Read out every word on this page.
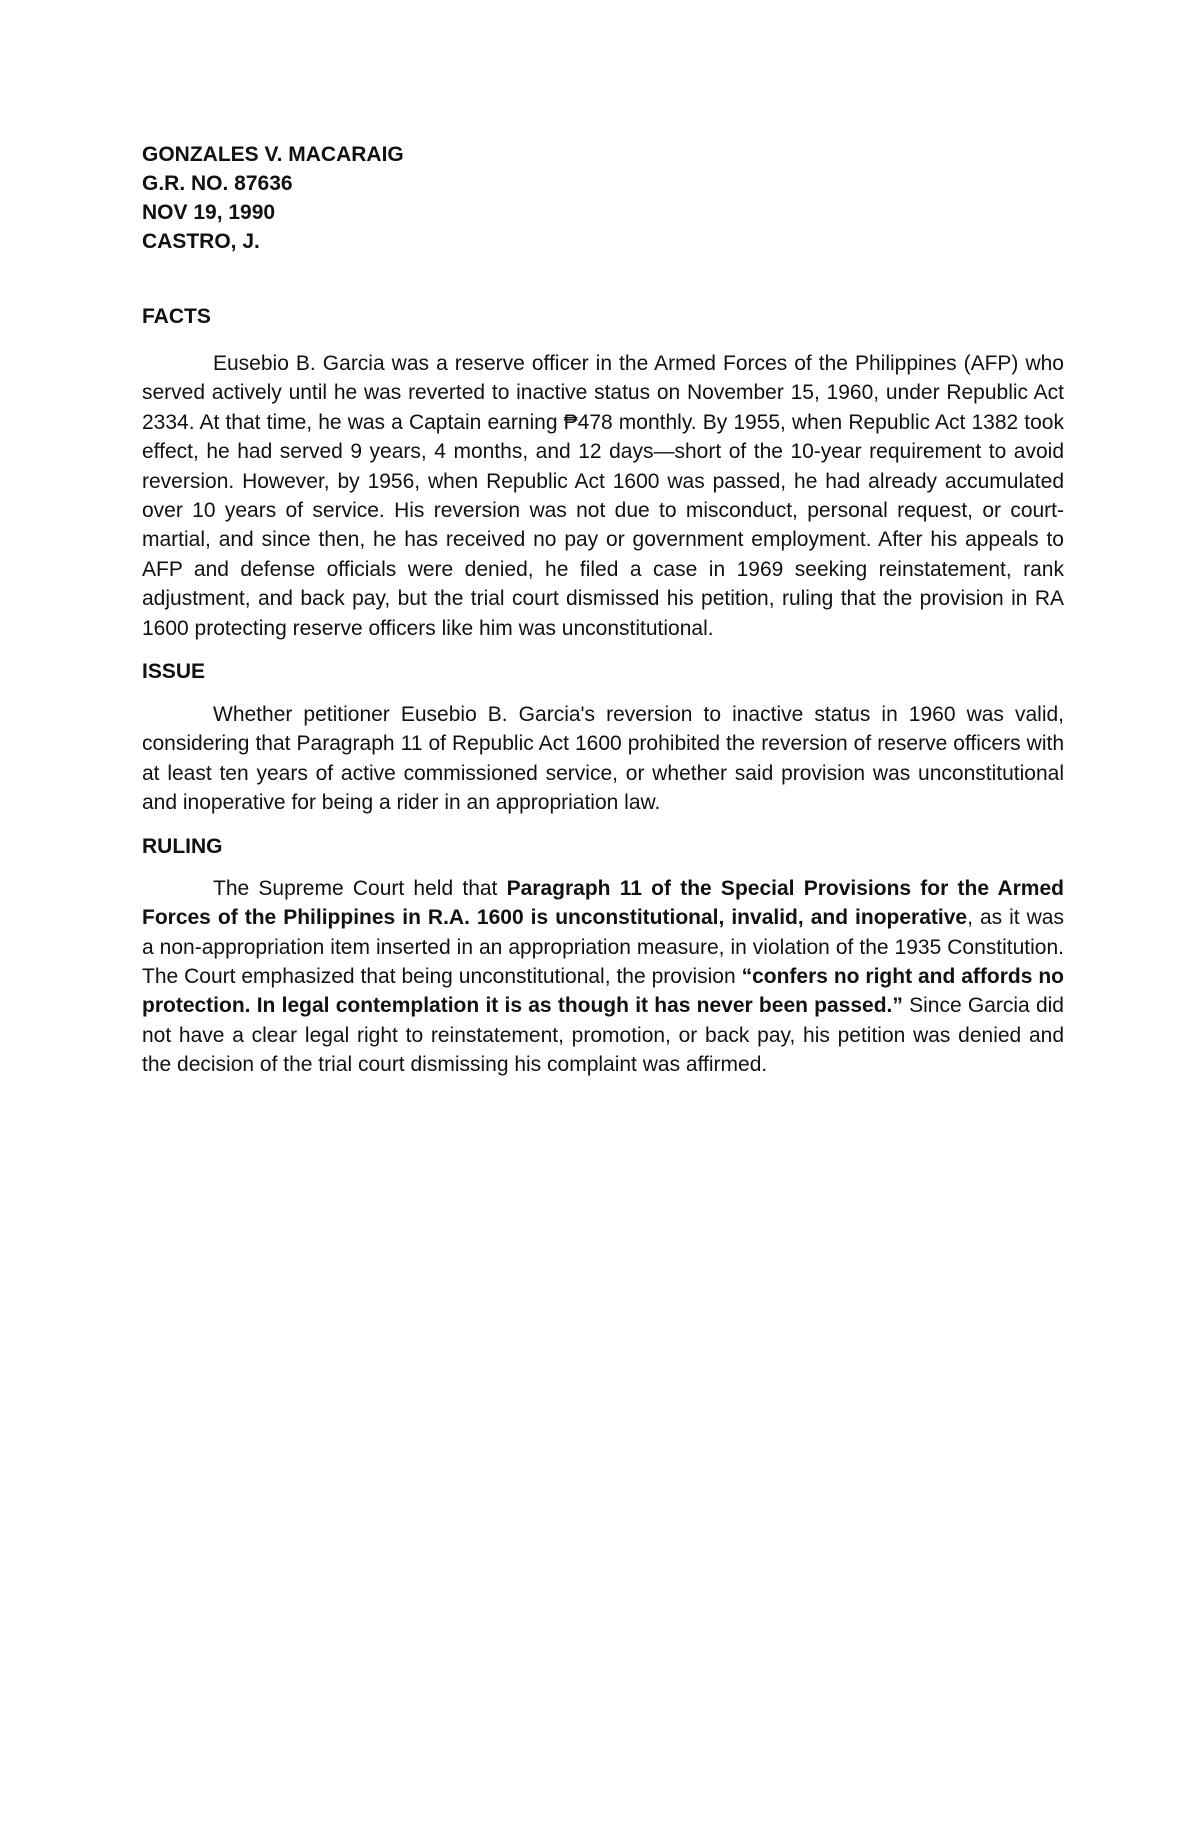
GONZALES V. MACARAIG

G.R. NO. 87636

NOV 19, 1990

CASTRO, J.

FACTS

Eusebio B. Garcia was a reserve officer in the Armed Forces of the Philippines (AFP) who served actively until he was reverted to inactive status on November 15, 1960, under Republic Act 2334. At that time, he was a Captain earning ₱478 monthly. By 1955, when Republic Act 1382 took effect, he had served 9 years, 4 months, and 12 days—short of the 10-year requirement to avoid reversion. However, by 1956, when Republic Act 1600 was passed, he had already accumulated over 10 years of service. His reversion was not due to misconduct, personal request, or court-martial, and since then, he has received no pay or government employment. After his appeals to AFP and defense officials were denied, he filed a case in 1969 seeking reinstatement, rank adjustment, and back pay, but the trial court dismissed his petition, ruling that the provision in RA 1600 protecting reserve officers like him was unconstitutional.

ISSUE

Whether petitioner Eusebio B. Garcia's reversion to inactive status in 1960 was valid, considering that Paragraph 11 of Republic Act 1600 prohibited the reversion of reserve officers with at least ten years of active commissioned service, or whether said provision was unconstitutional and inoperative for being a rider in an appropriation law.

RULING

The Supreme Court held that Paragraph 11 of the Special Provisions for the Armed Forces of the Philippines in R.A. 1600 is unconstitutional, invalid, and inoperative, as it was a non-appropriation item inserted in an appropriation measure, in violation of the 1935 Constitution. The Court emphasized that being unconstitutional, the provision “confers no right and affords no protection. In legal contemplation it is as though it has never been passed.” Since Garcia did not have a clear legal right to reinstatement, promotion, or back pay, his petition was denied and the decision of the trial court dismissing his complaint was affirmed.
